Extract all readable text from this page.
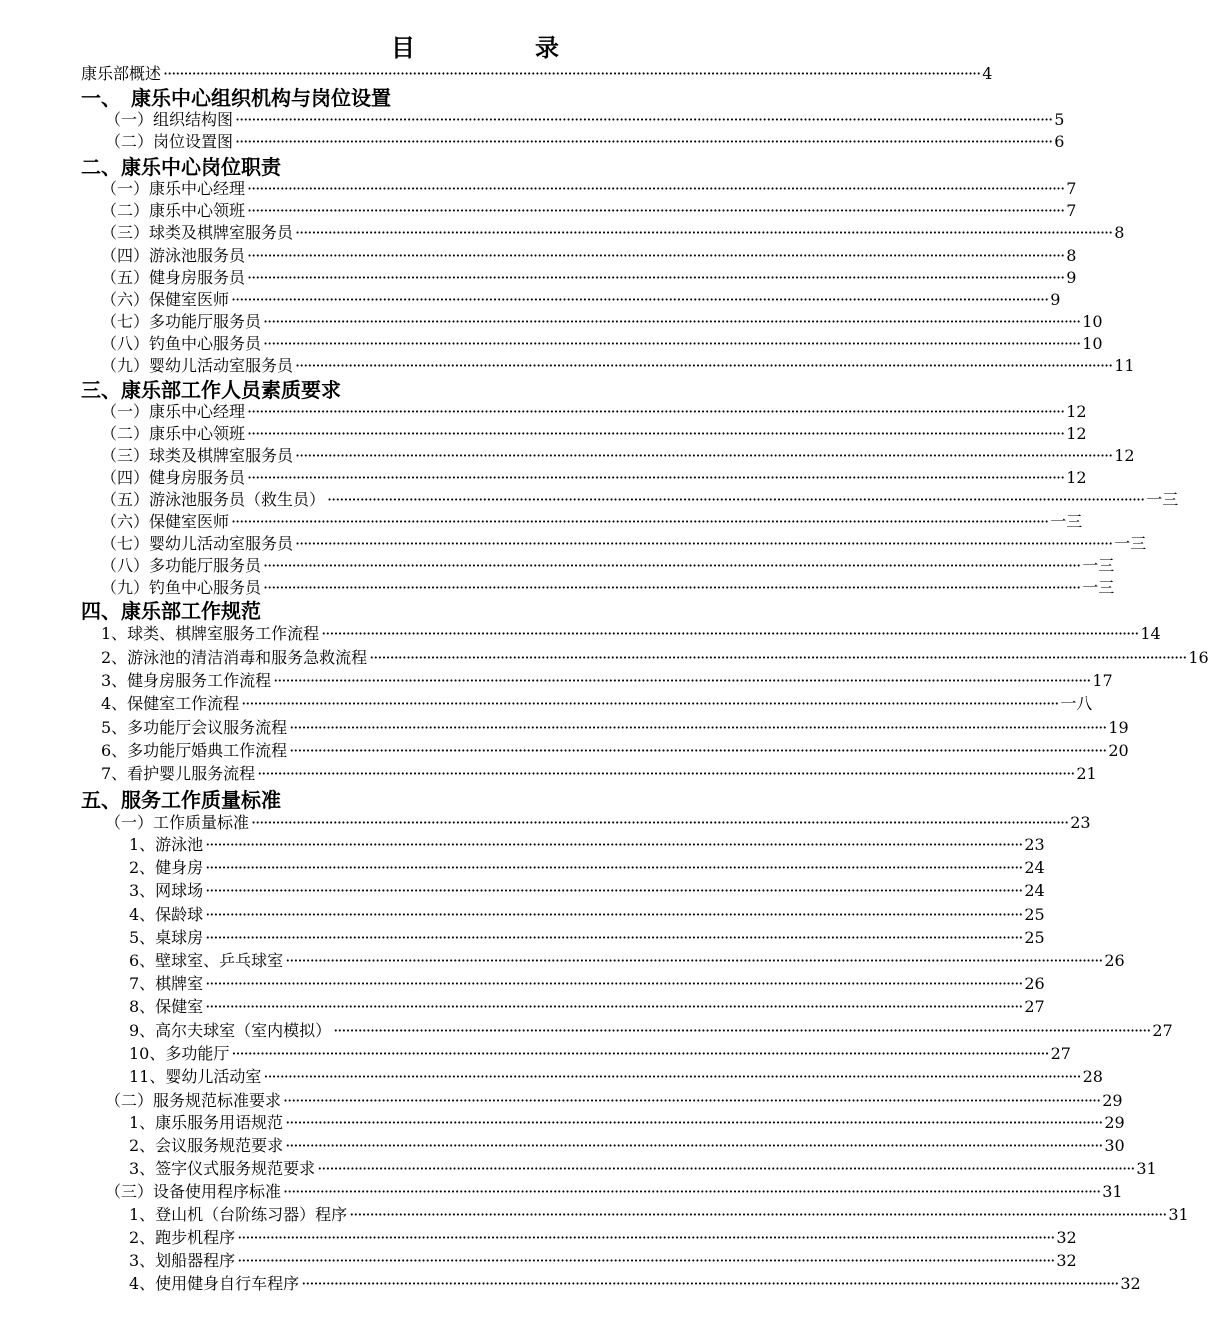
目　录
康乐部概述 ········································································································································································································ 4
一、　康乐中心组织机构与岗位设置
（一）组织结构图 ········································································································································································································ 5
（二）岗位设置图 ········································································································································································································ 6
二、康乐中心岗位职责
（一）康乐中心经理 ········································································································································································································ 7
（二）康乐中心领班 ········································································································································································································ 7
（三）球类及棋牌室服务员 ········································································································································································································ 8
（四）游泳池服务员 ········································································································································································································ 8
（五）健身房服务员 ········································································································································································································ 9
（六）保健室医师 ········································································································································································································ 9
（七）多功能厅服务员 ········································································································································································································ 10
（八）钓鱼中心服务员 ········································································································································································································ 10
（九）婴幼儿活动室服务员 ········································································································································································································ 11
三、康乐部工作人员素质要求
（一）康乐中心经理 ········································································································································································································ 12
（二）康乐中心领班 ········································································································································································································ 12
（三）球类及棋牌室服务员 ········································································································································································································ 12
（四）健身房服务员 ········································································································································································································ 12
（五）游泳池服务员（救生员） ········································································································································································································ 一三
（六）保健室医师 ········································································································································································································ 一三
（七）婴幼儿活动室服务员 ········································································································································································································ 一三
（八）多功能厅服务员 ········································································································································································································ 一三
（九）钓鱼中心服务员 ········································································································································································································ 一三
四、康乐部工作规范
1、球类、棋牌室服务工作流程 ········································································································································································································ 14
2、游泳池的清洁消毒和服务急救流程 ········································································································································································································ 16
3、健身房服务工作流程 ········································································································································································································ 17
4、保健室工作流程 ········································································································································································································ 一八
5、多功能厅会议服务流程 ········································································································································································································ 19
6、多功能厅婚典工作流程 ········································································································································································································ 20
7、看护婴儿服务流程 ········································································································································································································ 21
五、服务工作质量标准
（一）工作质量标准 ········································································································································································································ 23
1、游泳池 ········································································································································································································ 23
2、健身房 ········································································································································································································ 24
3、网球场 ········································································································································································································ 24
4、保龄球 ········································································································································································································ 25
5、桌球房 ········································································································································································································ 25
6、壁球室、乒乓球室 ········································································································································································································ 26
7、棋牌室 ········································································································································································································ 26
8、保健室 ········································································································································································································ 27
9、高尔夫球室（室内模拟） ········································································································································································································ 27
10、多功能厅 ········································································································································································································ 27
11、婴幼儿活动室 ········································································································································································································ 28
（二）服务规范标准要求 ········································································································································································································ 29
1、康乐服务用语规范 ········································································································································································································ 29
2、会议服务规范要求 ········································································································································································································ 30
3、签字仪式服务规范要求 ········································································································································································································ 31
（三）设备使用程序标准 ········································································································································································································ 31
1、登山机（台阶练习器）程序 ········································································································································································································ 31
2、跑步机程序 ········································································································································································································ 32
3、划船器程序 ········································································································································································································ 32
4、使用健身自行车程序 ········································································································································································································ 32
